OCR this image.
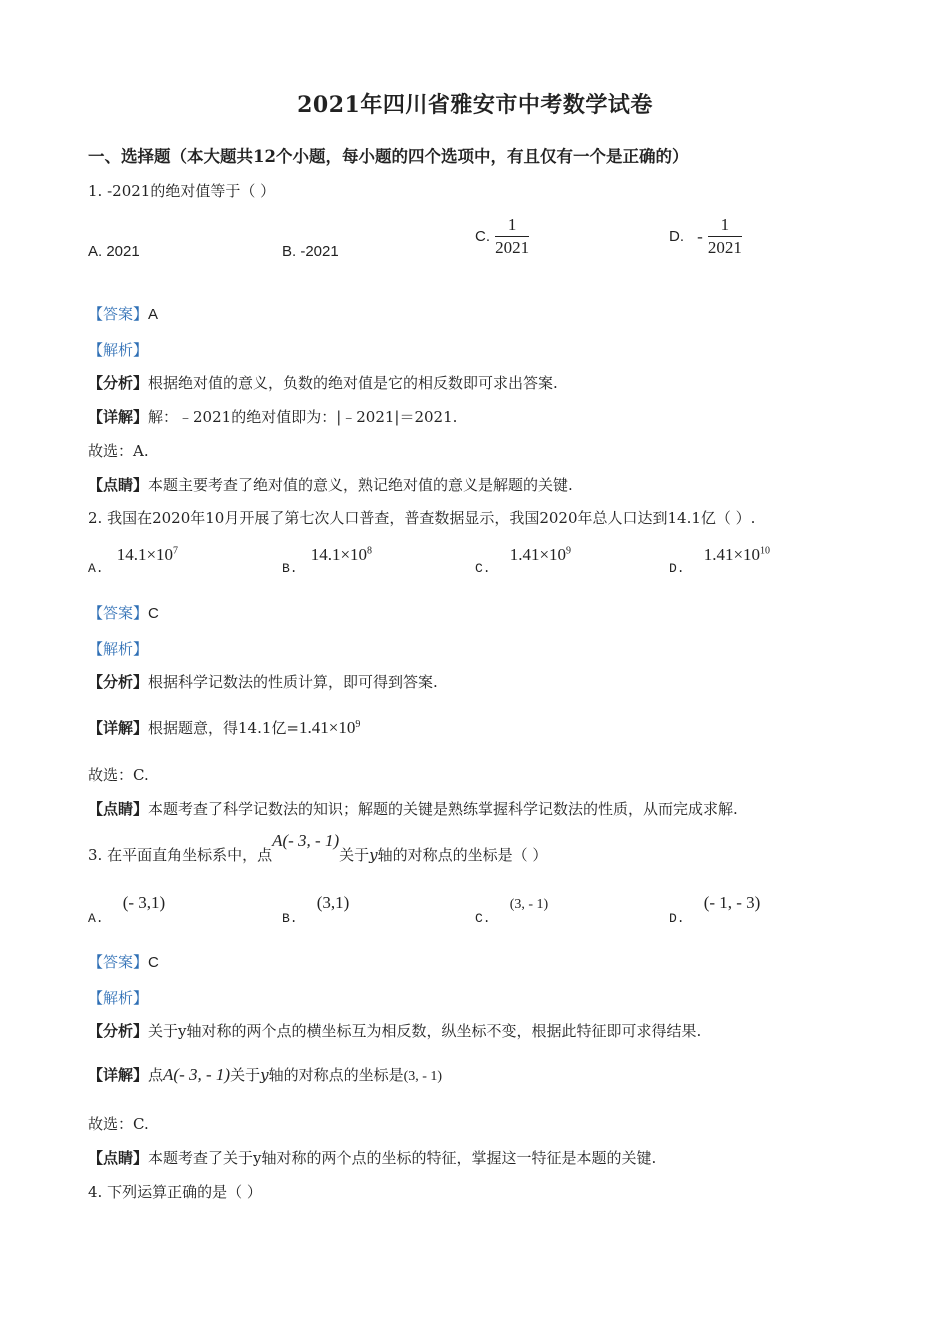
2021年四川省雅安市中考数学试卷
一、选择题（本大题共12个小题，每小题的四个选项中，有且仅有一个是正确的）
1. -2021的绝对值等于（ ）
A. 2021	B. -2021
C. $\frac{1}{2021}$	D. - $\frac{1}{2021}$
【答案】A
【解析】
【分析】根据绝对值的意义，负数的绝对值是它的相反数即可求出答案.
【详解】解：﹣2021的绝对值即为：|﹣2021|＝2021.
故选：A.
【点睛】本题主要考查了绝对值的意义，熟记绝对值的意义是解题的关键.
2. 我国在2020年10月开展了第七次人口普查，普查数据显示，我国2020年总人口达到14.1亿（ ）.
$_{A.}$ $14.1\times 10^7$
$_{B.}$ $14.1\times 10^8$
$_{C.}$ $1.41\times 10^9$
$_{D.}$ $1.41\times 10^{10}$
【答案】C
【解析】
【分析】根据科学记数法的性质计算，即可得到答案.
【详解】根据题意，得14.1亿$=1.41\times 10^9$
故选：C.
【点睛】本题考查了科学记数法的知识；解题的关键是熟练掌握科学记数法的性质，从而完成求解.
3. 在平面直角坐标系中，点A(- 3, - 1)关于y轴的对称点的坐标是（ ）
$_{A.}$ (- 3,1)
$_{B.}$ (3,1)
$_{C.}$ (3, - 1)
$_{D.}$ (- 1, - 3)
【答案】C
【解析】
【分析】关于y轴对称的两个点的横坐标互为相反数，纵坐标不变，根据此特征即可求得结果.
【详解】点A(- 3, - 1)关于y轴的对称点的坐标是(3, - 1)
故选：C.
【点睛】本题考查了关于y轴对称的两个点的坐标的特征，掌握这一特征是本题的关键.
4. 下列运算正确的是（ ）
